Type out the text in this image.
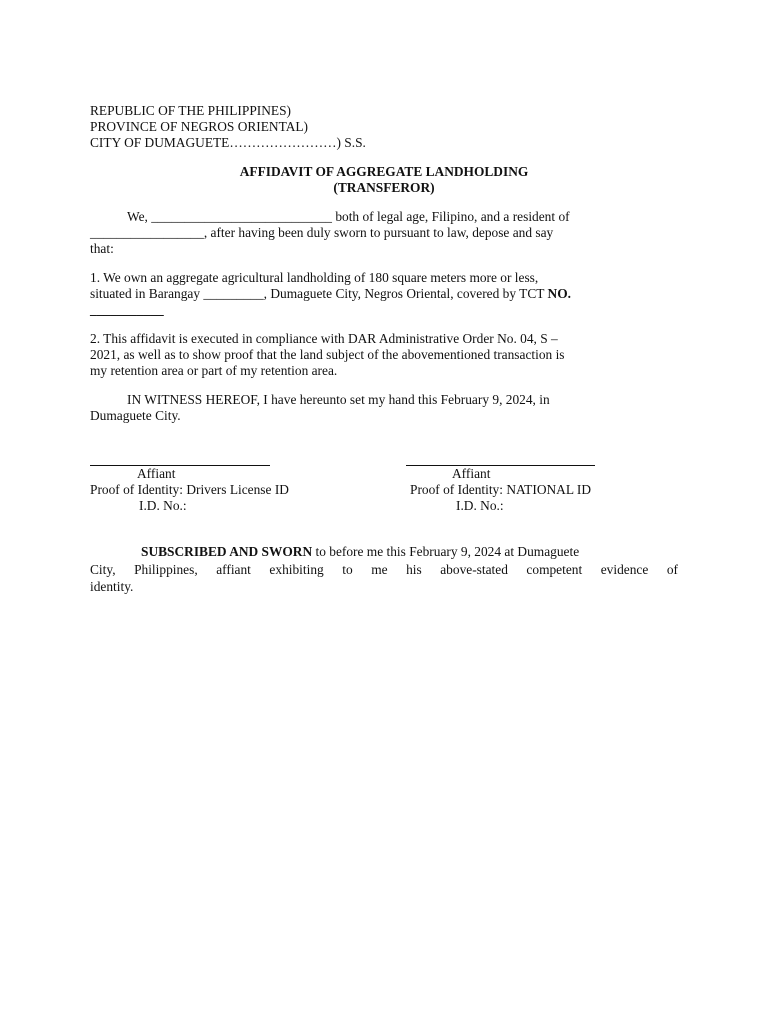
REPUBLIC OF THE PHILIPPINES)
PROVINCE OF NEGROS ORIENTAL)
CITY OF DUMAGUETE……………………) S.S.
AFFIDAVIT OF AGGREGATE LANDHOLDING
(TRANSFEROR)
We, ___________________________ both of legal age, Filipino, and a resident of
_________________, after having been duly sworn to pursuant to law, depose and say
that:
1. We own an aggregate agricultural landholding of 180 square meters more or less,
situated in Barangay _________, Dumaguete City, Negros Oriental, covered by TCT NO.
___________
2. This affidavit is executed in compliance with DAR Administrative Order No. 04, S –
2021, as well as to show proof that the land subject of the abovementioned transaction is
my retention area or part of my retention area.
IN WITNESS HEREOF, I have hereunto set my hand this February 9, 2024, in
Dumaguete City.
Affiant
Proof of Identity: Drivers License ID
I.D. No.:
Affiant
Proof of Identity: NATIONAL ID
I.D. No.:
SUBSCRIBED AND SWORN to before me this February 9, 2024 at Dumaguete
City, Philippines, affiant exhibiting to me his above-stated competent evidence of
identity.
